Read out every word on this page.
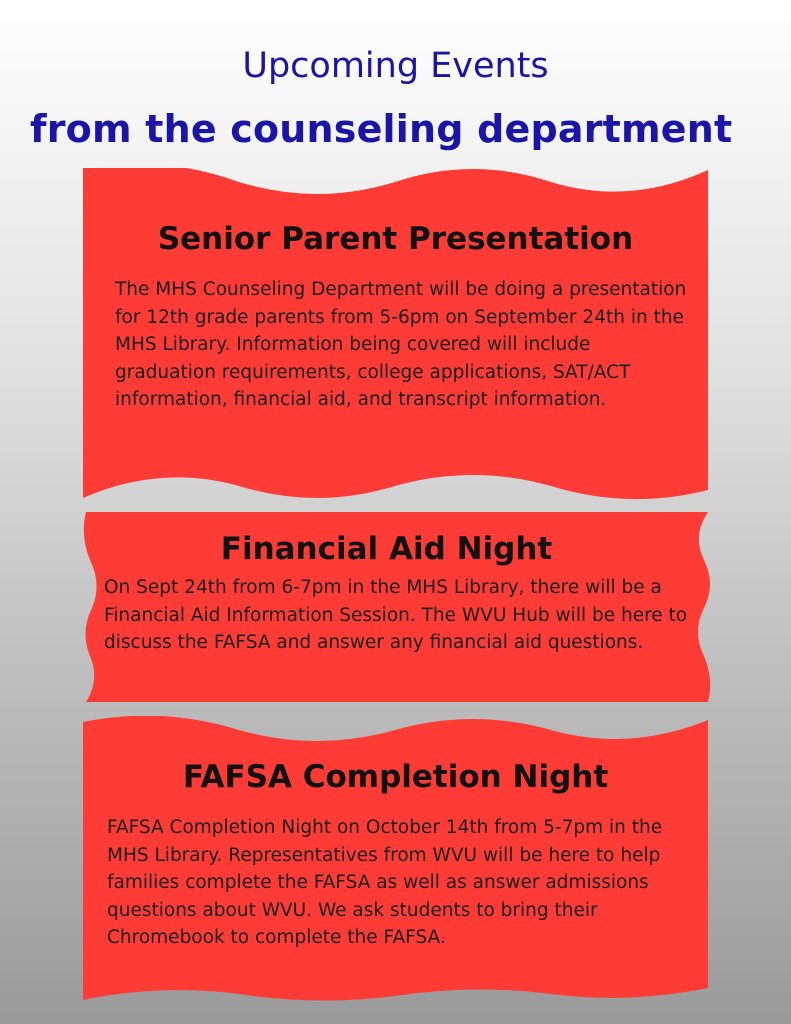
Upcoming Events
from the counseling department
Senior Parent Presentation

The MHS Counseling Department will be doing a presentation for 12th grade parents from 5-6pm on September 24th in the MHS Library. Information being covered will include graduation requirements, college applications, SAT/ACT information, financial aid, and transcript information.

Financial Aid Night

On Sept 24th from 6-7pm in the MHS Library, there will be a Financial Aid Information Session. The WVU Hub will be here to discuss the FAFSA and answer any financial aid questions.

FAFSA Completion Night

FAFSA Completion Night on October 14th from 5-7pm in the MHS Library. Representatives from WVU will be here to help families complete the FAFSA as well as answer admissions questions about WVU. We ask students to bring their Chromebook to complete the FAFSA.
